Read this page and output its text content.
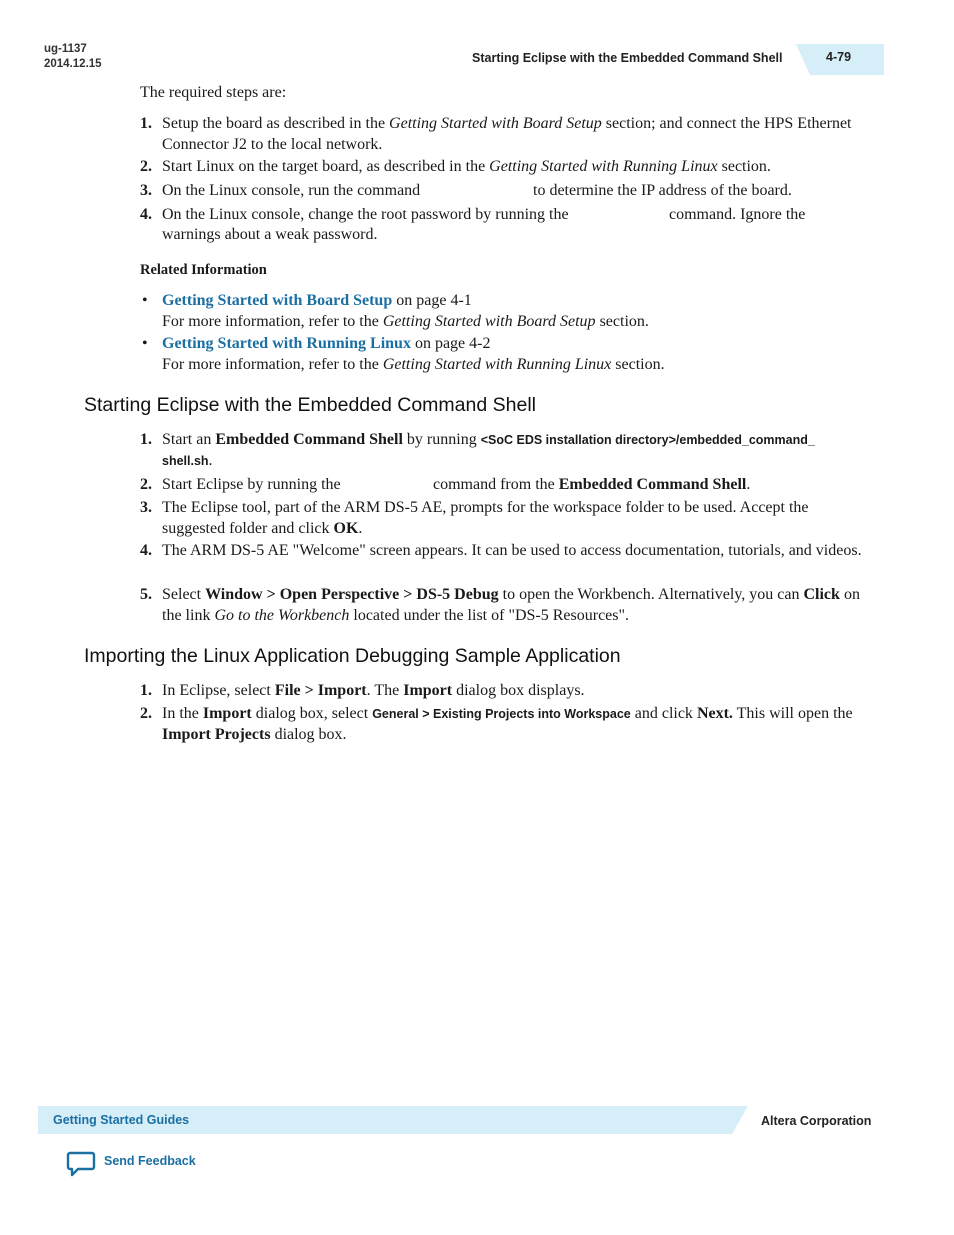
ug-1137
2014.12.15	Starting Eclipse with the Embedded Command Shell	4-79
The required steps are:
1. Setup the board as described in the Getting Started with Board Setup section; and connect the HPS Ethernet Connector J2 to the local network.
2. Start Linux on the target board, as described in the Getting Started with Running Linux section.
3. On the Linux console, run the command	to determine the IP address of the board.
4. On the Linux console, change the root password by running the	command. Ignore the
Related Information
• Getting Started with Board Setup on page 4-1
For more information, refer to the Getting Started with Board Setup section.
• Getting Started with Running Linux on page 4-2
For more information, refer to the Getting Started with Running Linux section.
Starting Eclipse with the Embedded Command Shell
1. Start an Embedded Command Shell by running <SoC EDS installation directory>/embedded_command_ shell.sh.
2. Start Eclipse by running the	command from the Embedded Command Shell.
3. The Eclipse tool, part of the ARM DS-5 AE, prompts for the workspace folder to be used. Accept the suggested folder and click OK.
4. The ARM DS-5 AE "Welcome" screen appears. It can be used to access documentation, tutorials, and videos.
5. Select Window > Open Perspective > DS-5 Debug to open the Workbench. Alternatively, you can Click on the link Go to the Workbench located under the list of "DS-5 Resources".
Importing the Linux Application Debugging Sample Application
1. In Eclipse, select File > Import. The Import dialog box displays.
2. In the Import dialog box, select General > Existing Projects into Workspace and click Next. This will open the Import Projects dialog box.
Getting Started Guides	Altera Corporation
Send Feedback
warnings about a weak password.
